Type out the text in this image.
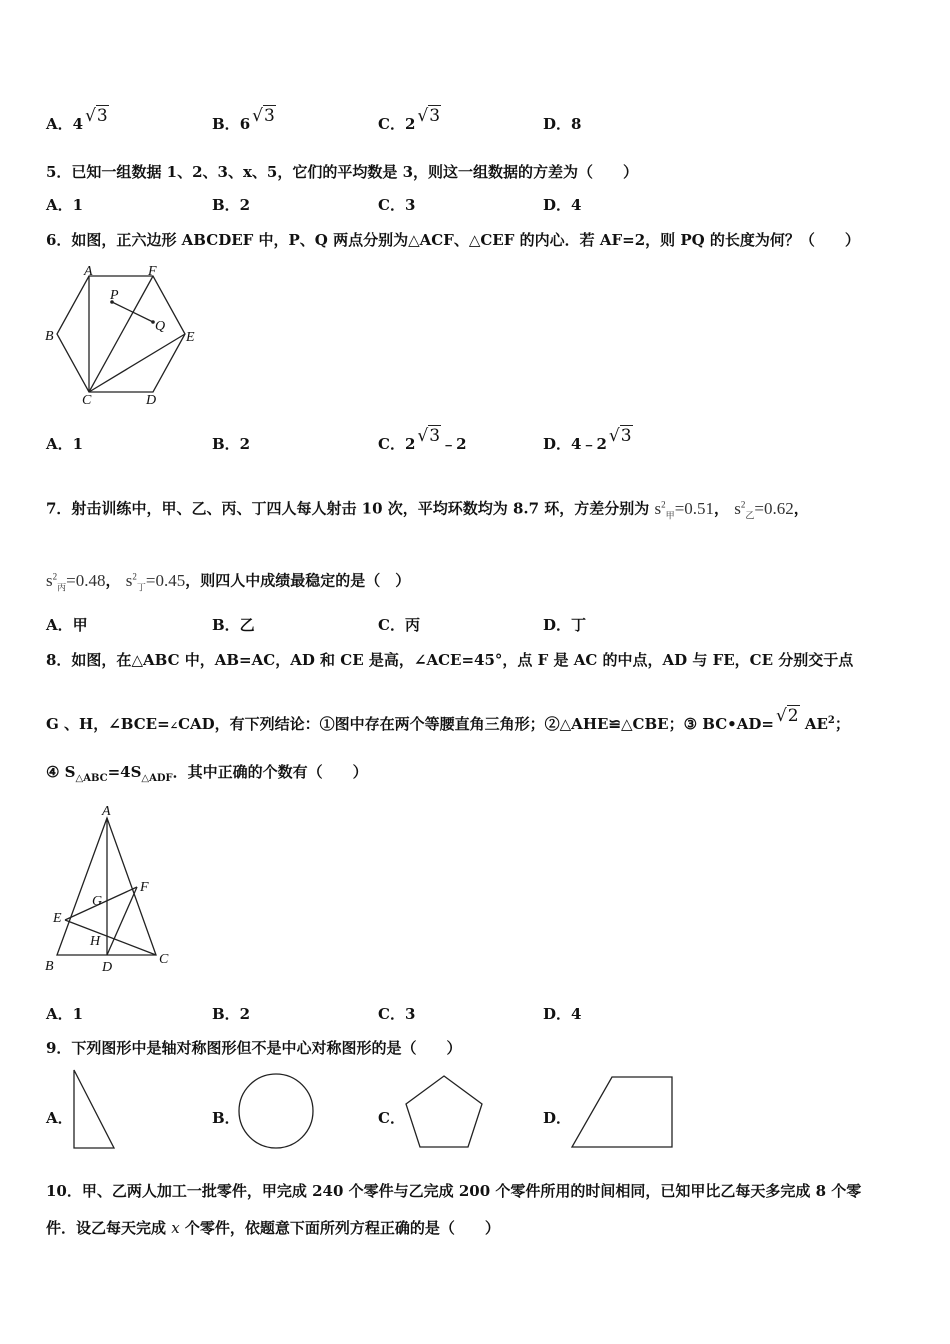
A．4 √3	B．6 √3	C．2 √3	D．8
5．已知一组数据 1、2、3、x、5，它们的平均数是 3，则这一组数据的方差为（　　）
A．1	B．2	C．3	D．4
6．如图，正六边形 ABCDEF 中，P、Q 两点分别为△ACF、△CEF 的内心．若 AF=2，则 PQ 的长度为何？（　　）
A	F
B	E
C	D
P
Q
A．1	B．2	C．2 √3﹣2	D．4﹣2 √3
7．射击训练中，甲、乙、丙、丁四人每人射击 10 次，平均环数均为 8.7 环，方差分别为 $s^2_甲=0.51$， $s^2_乙=0.62$，
$s^2_丙=0.48$， $s^2_丁=0.45$，则四人中成绩最稳定的是（　）
A．甲	B．乙	C．丙	D．丁
8．如图，在△ABC 中，AB=AC，AD 和 CE 是高，∠ACE=45°，点 F 是 AC 的中点，AD 与 FE，CE 分别交于点
G 、H，∠BCE=∠CAD，有下列结论：①图中存在两个等腰直角三角形；②△AHE≌△CBE；③ BC•AD= √2 $AE^2$；
④ $S_{\triangle ABC}=4S_{\triangle ADF}$．其中正确的个数有（　　）
A
B	C
D
E
F
G
H
A．1	B．2	C．3	D．4
9．下列图形中是轴对称图形但不是中心对称图形的是（　　）
A．	B．	C．	D．
10．甲、乙两人加工一批零件，甲完成 240 个零件与乙完成 200 个零件所用的时间相同，已知甲比乙每天多完成 8 个零
件．设乙每天完成 x 个零件，依题意下面所列方程正确的是（　　）
